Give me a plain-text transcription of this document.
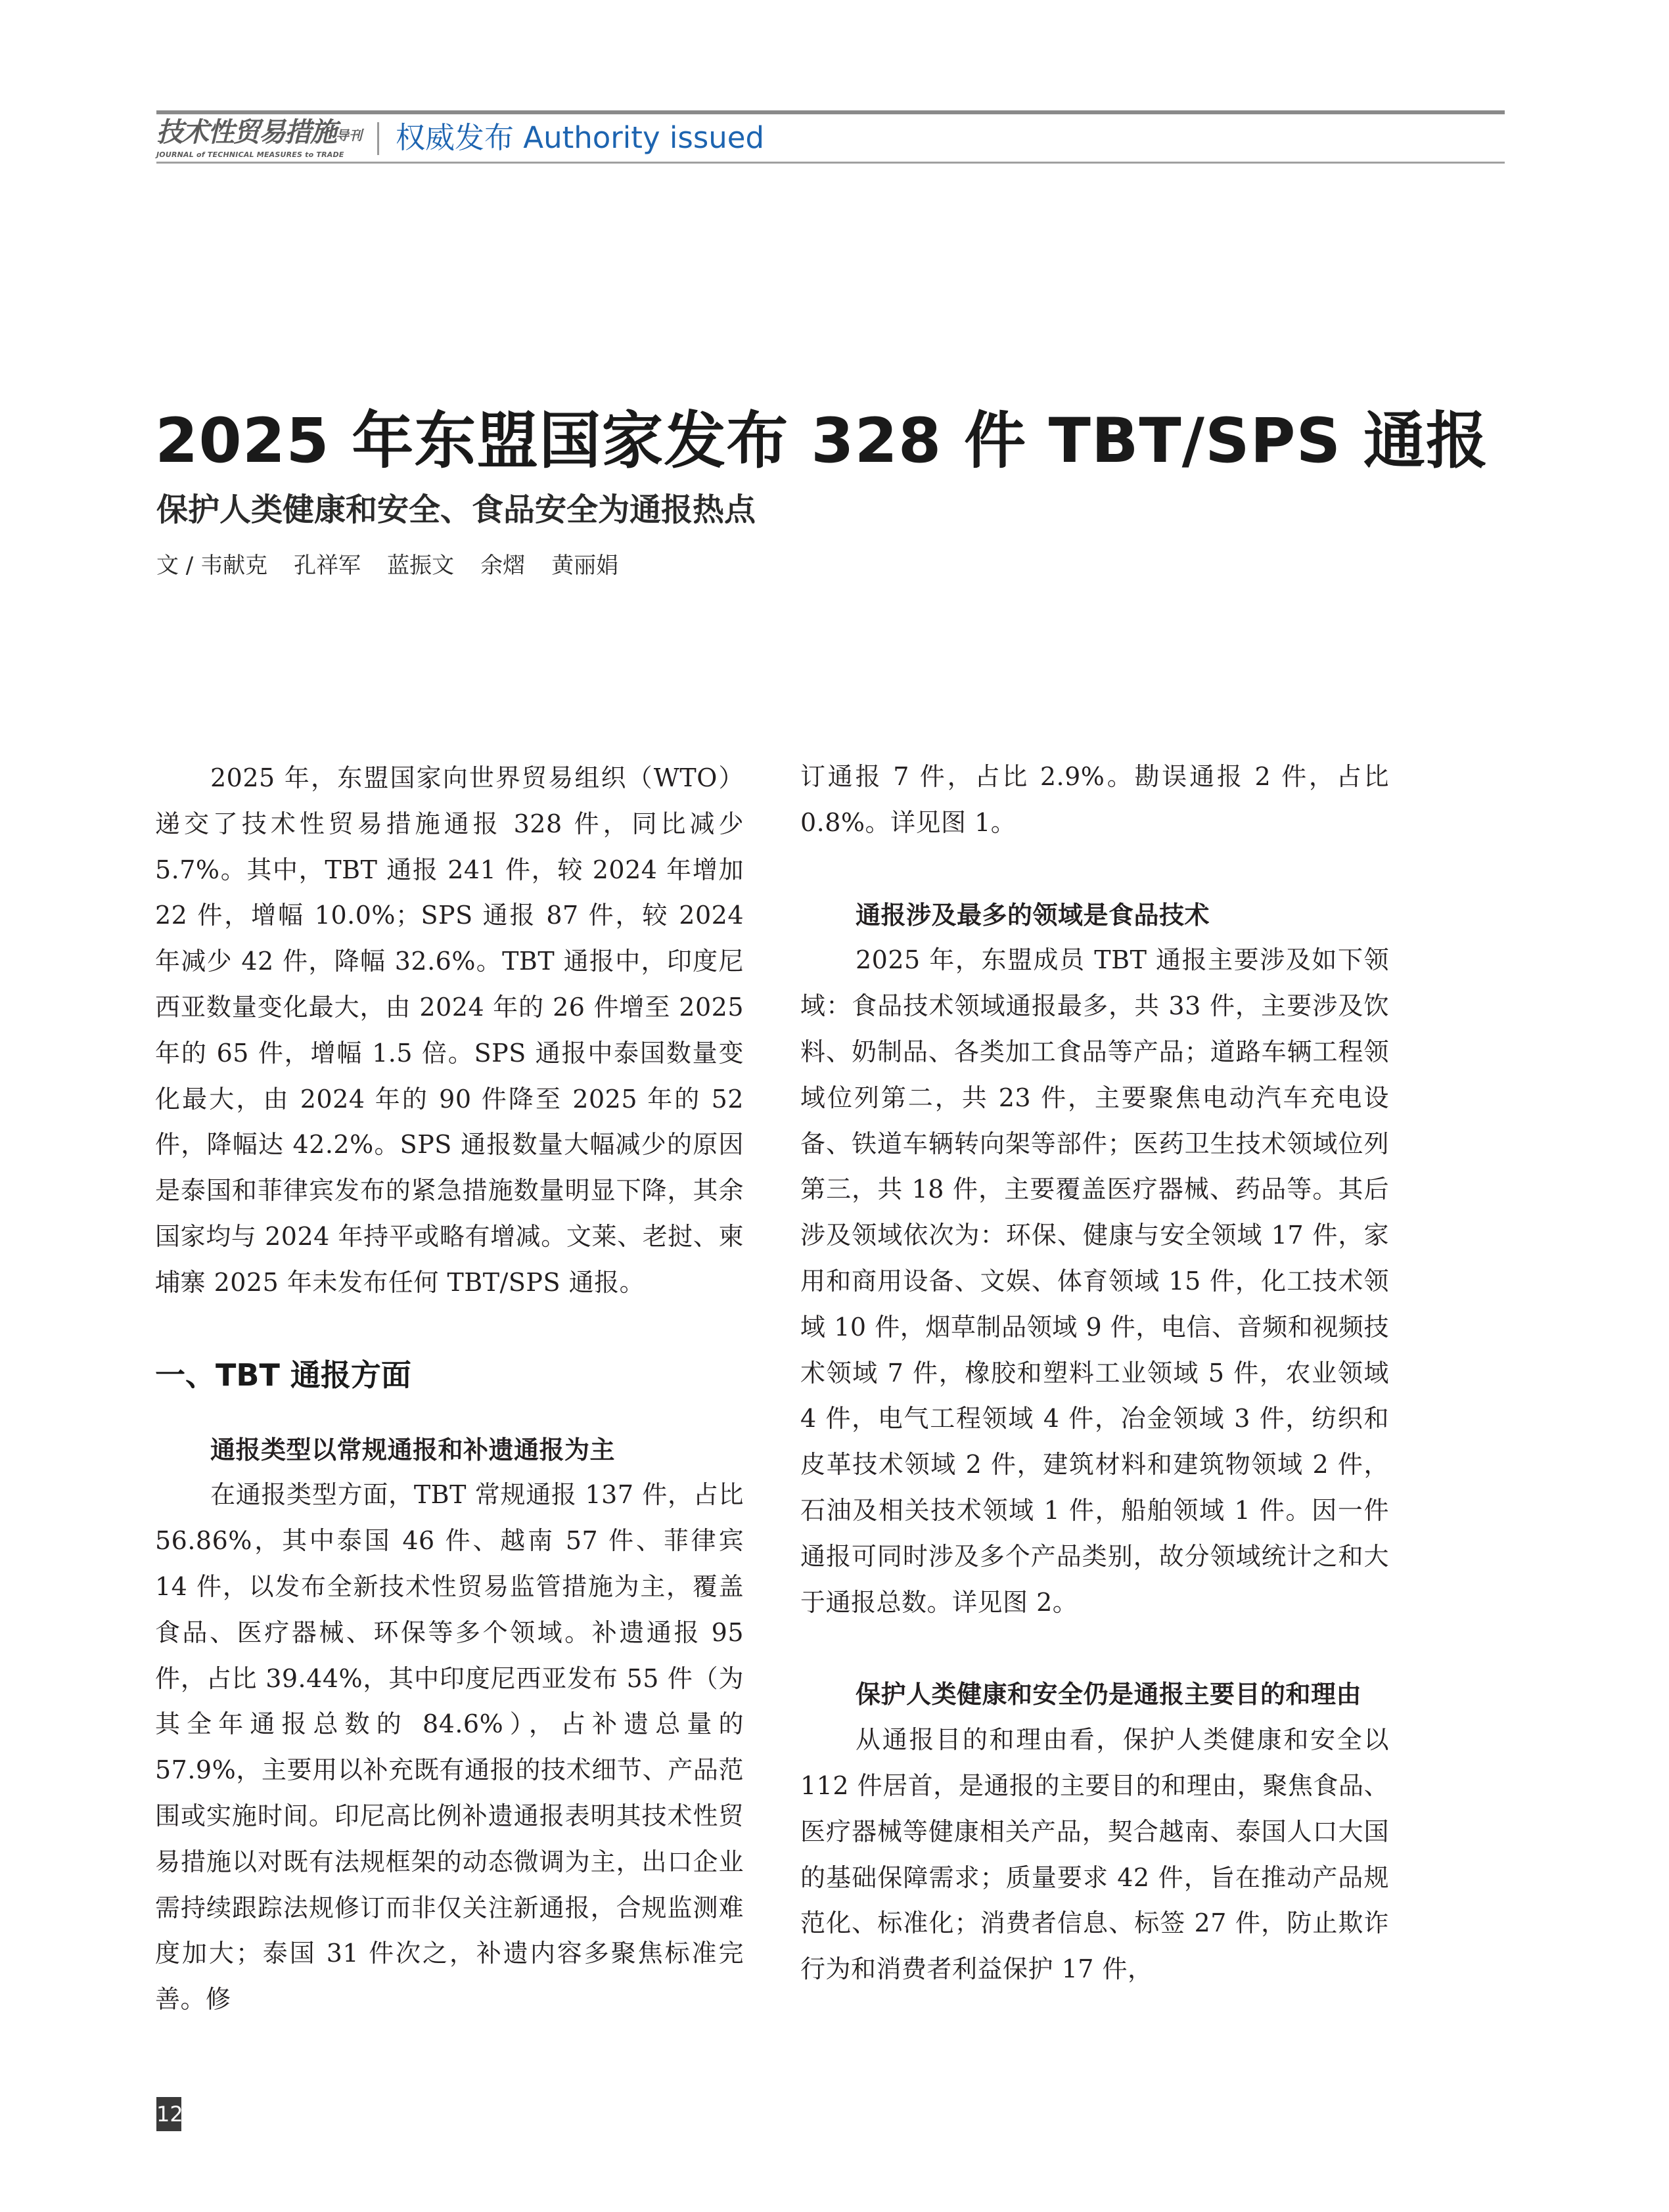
技术性贸易措施导刊
JOURNAL of TECHNICAL MEASURES to TRADE	权威发布 Authority issued
2025 年东盟国家发布 328 件 TBT/SPS 通报
保护人类健康和安全、食品安全为通报热点
文 / 韦献克 孔祥军 蓝振文 余熠 黄丽娟

2025 年，东盟国家向世界贸易组织（WTO）递交了技术性贸易措施通报 328 件，同比减少 5.7%。其中，TBT 通报 241 件，较 2024 年增加 22 件，增幅 10.0%；SPS 通报 87 件，较 2024 年减少 42 件，降幅 32.6%。TBT 通报中，印度尼西亚数量变化最大，由 2024 年的 26 件增至 2025 年的 65 件，增幅 1.5 倍。SPS 通报中泰国数量变化最大，由 2024 年的 90 件降至 2025 年的 52 件，降幅达 42.2%。SPS 通报数量大幅减少的原因是泰国和菲律宾发布的紧急措施数量明显下降，其余国家均与 2024 年持平或略有增减。文莱、老挝、柬埔寨 2025 年未发布任何 TBT/SPS 通报。

一、TBT 通报方面
通报类型以常规通报和补遗通报为主

在通报类型方面，TBT 常规通报 137 件，占比 56.86%，其中泰国 46 件、越南 57 件、菲律宾 14 件，以发布全新技术性贸易监管措施为主，覆盖食品、医疗器械、环保等多个领域。补遗通报 95 件，占比 39.44%，其中印度尼西亚发布 55 件（为其全年通报总数的 84.6%），占补遗总量的 57.9%，主要用以补充既有通报的技术细节、产品范围或实施时间。印尼高比例补遗通报表明其技术性贸易措施以对既有法规框架的动态微调为主，出口企业需持续跟踪法规修订而非仅关注新通报，合规监测难度加大；泰国 31 件次之，补遗内容多聚焦标准完善。修

订通报 7 件，占比 2.9%。勘误通报 2 件，占比 0.8%。详见图 1。

通报涉及最多的领域是食品技术

2025 年，东盟成员 TBT 通报主要涉及如下领域：食品技术领域通报最多，共 33 件，主要涉及饮料、奶制品、各类加工食品等产品；道路车辆工程领域位列第二，共 23 件，主要聚焦电动汽车充电设备、铁道车辆转向架等部件；医药卫生技术领域位列第三，共 18 件，主要覆盖医疗器械、药品等。其后涉及领域依次为：环保、健康与安全领域 17 件，家用和商用设备、文娱、体育领域 15 件，化工技术领域 10 件，烟草制品领域 9 件，电信、音频和视频技术领域 7 件，橡胶和塑料工业领域 5 件，农业领域 4 件，电气工程领域 4 件，冶金领域 3 件，纺织和皮革技术领域 2 件，建筑材料和建筑物领域 2 件，石油及相关技术领域 1 件，船舶领域 1 件。因一件通报可同时涉及多个产品类别，故分领域统计之和大于通报总数。详见图 2。

保护人类健康和安全仍是通报主要目的和理由

从通报目的和理由看，保护人类健康和安全以 112 件居首，是通报的主要目的和理由，聚焦食品、医疗器械等健康相关产品，契合越南、泰国人口大国的基础保障需求；质量要求 42 件，旨在推动产品规范化、标准化；消费者信息、标签 27 件，防止欺诈行为和消费者利益保护 17 件，

12
